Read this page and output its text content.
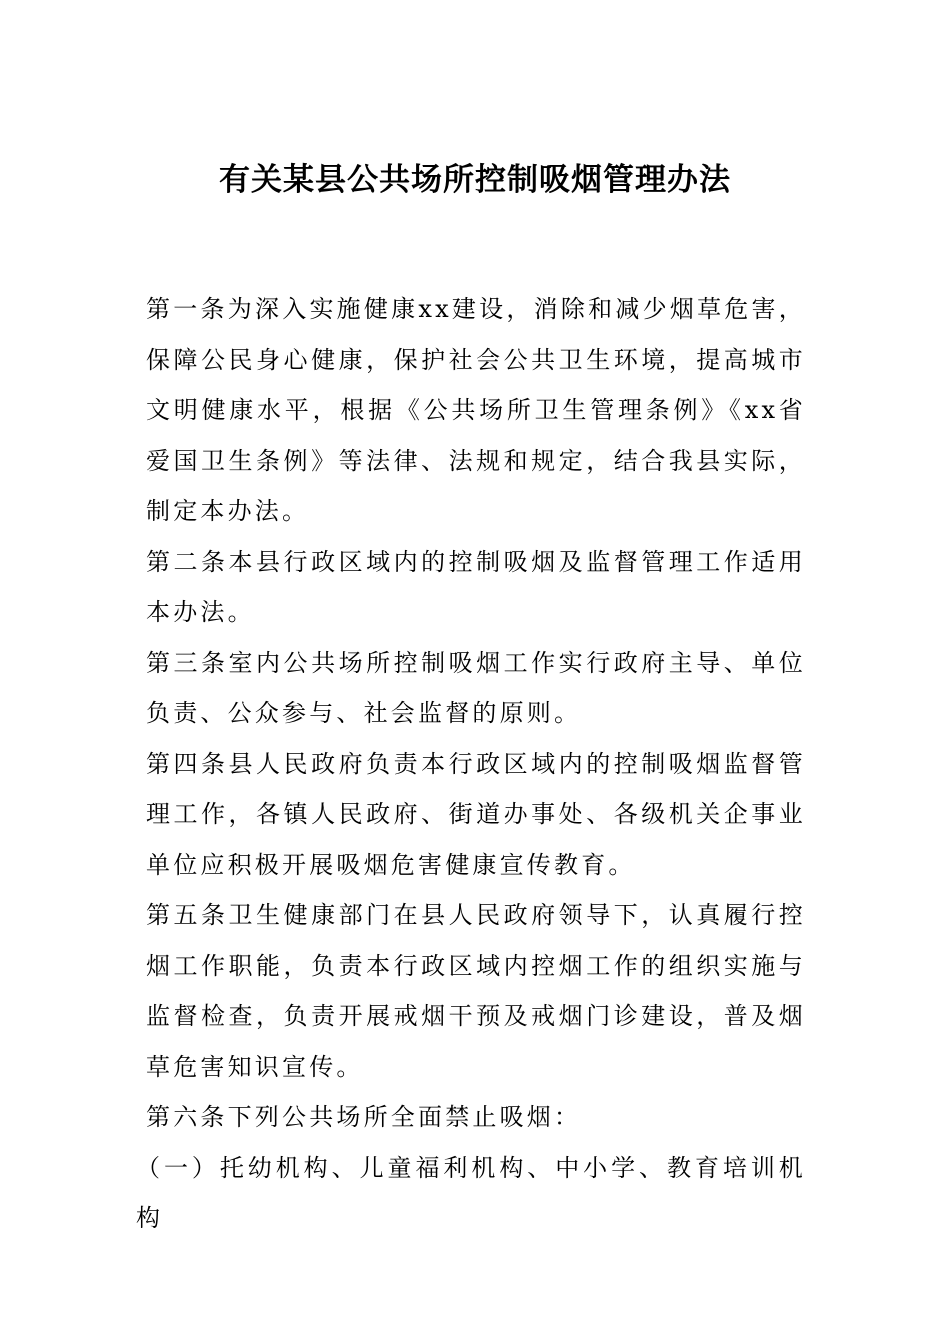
有关某县公共场所控制吸烟管理办法

第一条为深入实施健康xx建设，消除和减少烟草危害，保障公民身心健康，保护社会公共卫生环境，提高城市文明健康水平，根据《公共场所卫生管理条例》《xx省爱国卫生条例》等法律、法规和规定，结合我县实际，制定本办法。

第二条本县行政区域内的控制吸烟及监督管理工作适用本办法。

第三条室内公共场所控制吸烟工作实行政府主导、单位负责、公众参与、社会监督的原则。

第四条县人民政府负责本行政区域内的控制吸烟监督管理工作，各镇人民政府、街道办事处、各级机关企事业单位应积极开展吸烟危害健康宣传教育。

第五条卫生健康部门在县人民政府领导下，认真履行控烟工作职能，负责本行政区域内控烟工作的组织实施与监督检查，负责开展戒烟干预及戒烟门诊建设，普及烟草危害知识宣传。

第六条下列公共场所全面禁止吸烟：

（一）托幼机构、儿童福利机构、中小学、教育培训机构
